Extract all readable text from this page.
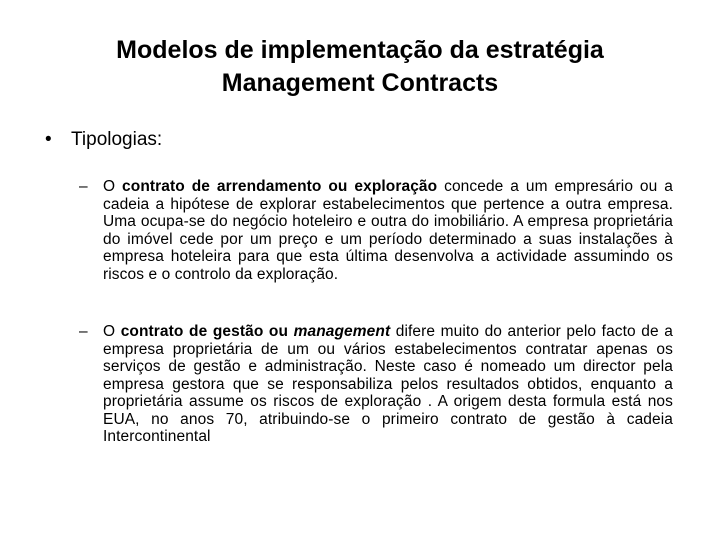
Modelos de implementação da estratégia
Management Contracts
• Tipologias:
– O contrato de arrendamento ou exploração concede a um empresário ou a cadeia a hipótese de explorar estabelecimentos que pertence a outra empresa. Uma ocupa-se do negócio hoteleiro e outra do imobiliário. A empresa proprietária do imóvel cede por um preço e um período determinado a suas instalações à empresa hoteleira para que esta última desenvolva a actividade assumindo os riscos e o controlo da exploração.
– O contrato de gestão ou management difere muito do anterior pelo facto de a empresa proprietária de um ou vários estabelecimentos contratar apenas os serviços de gestão e administração. Neste caso é nomeado um director pela empresa gestora que se responsabiliza pelos resultados obtidos, enquanto a proprietária assume os riscos de exploração . A origem desta formula está nos EUA, no anos 70, atribuindo-se o primeiro contrato de gestão à cadeia Intercontinental
